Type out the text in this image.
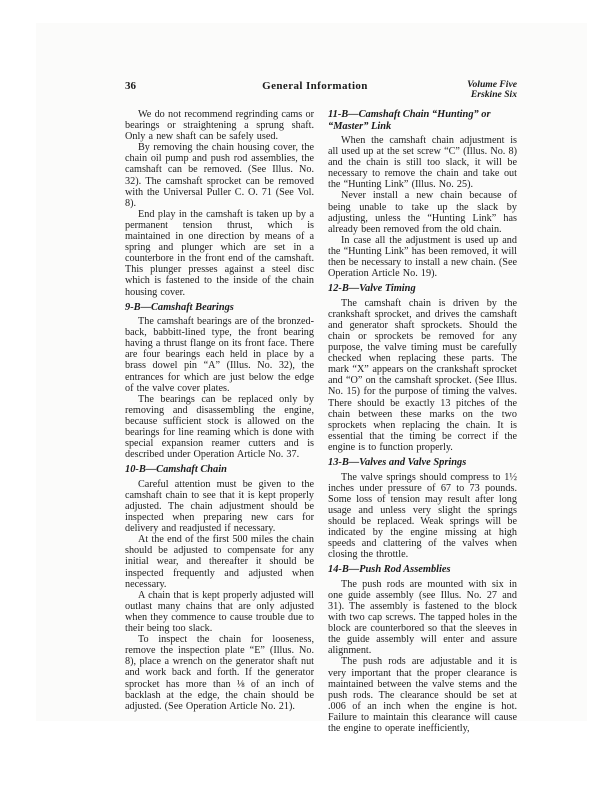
36	General Information	Volume Five
Erskine Six

We do not recommend regrinding cams or bearings or straightening a sprung shaft. Only a new shaft can be safely used.

By removing the chain housing cover, the chain oil pump and push rod assemblies, the camshaft can be removed. (See Illus. No. 32). The camshaft sprocket can be removed with the Universal Puller C. O. 71 (See Vol. 8).

End play in the camshaft is taken up by a permanent tension thrust, which is maintained in one direction by means of a spring and plunger which are set in a counterbore in the front end of the camshaft. This plunger presses against a steel disc which is fastened to the inside of the chain housing cover.

9-B—Camshaft Bearings

The camshaft bearings are of the bronzed-back, babbitt-lined type, the front bearing having a thrust flange on its front face. There are four bearings each held in place by a brass dowel pin “A” (Illus. No. 32), the entrances for which are just below the edge of the valve cover plates.

The bearings can be replaced only by removing and disassembling the engine, because sufficient stock is allowed on the bearings for line reaming which is done with special expansion reamer cutters and is described under Operation Article No. 37.

10-B—Camshaft Chain

Careful attention must be given to the camshaft chain to see that it is kept properly adjusted. The chain adjustment should be inspected when preparing new cars for delivery and readjusted if necessary.

At the end of the first 500 miles the chain should be adjusted to compensate for any initial wear, and thereafter it should be inspected frequently and adjusted when necessary.

A chain that is kept properly adjusted will outlast many chains that are only adjusted when they commence to cause trouble due to their being too slack.

To inspect the chain for looseness, remove the inspection plate “E” (Illus. No. 8), place a wrench on the generator shaft nut and work back and forth. If the generator sprocket has more than ⅛ of an inch of backlash at the edge, the chain should be adjusted. (See Operation Article No. 21).

11-B—Camshaft Chain “Hunting” or “Master” Link

When the camshaft chain adjustment is all used up at the set screw “C” (Illus. No. 8) and the chain is still too slack, it will be necessary to remove the chain and take out the “Hunting Link” (Illus. No. 25).

Never install a new chain because of being unable to take up the slack by adjusting, unless the “Hunting Link” has already been removed from the old chain.

In case all the adjustment is used up and the “Hunting Link” has been removed, it will then be necessary to install a new chain. (See Operation Article No. 19).

12-B—Valve Timing

The camshaft chain is driven by the crankshaft sprocket, and drives the camshaft and generator shaft sprockets. Should the chain or sprockets be removed for any purpose, the valve timing must be carefully checked when replacing these parts. The mark “X” appears on the crankshaft sprocket and “O” on the camshaft sprocket. (See Illus. No. 15) for the purpose of timing the valves. There should be exactly 13 pitches of the chain between these marks on the two sprockets when replacing the chain. It is essential that the timing be correct if the engine is to function properly.

13-B—Valves and Valve Springs

The valve springs should compress to 1½ inches under pressure of 67 to 73 pounds. Some loss of tension may result after long usage and unless very slight the springs should be replaced. Weak springs will be indicated by the engine missing at high speeds and clattering of the valves when closing the throttle.

14-B—Push Rod Assemblies

The push rods are mounted with six in one guide assembly (see Illus. No. 27 and 31). The assembly is fastened to the block with two cap screws. The tapped holes in the block are counterbored so that the sleeves in the guide assembly will enter and assure alignment.

The push rods are adjustable and it is very important that the proper clearance is maintained between the valve stems and the push rods. The clearance should be set at .006 of an inch when the engine is hot. Failure to maintain this clearance will cause the engine to operate inefficiently,
